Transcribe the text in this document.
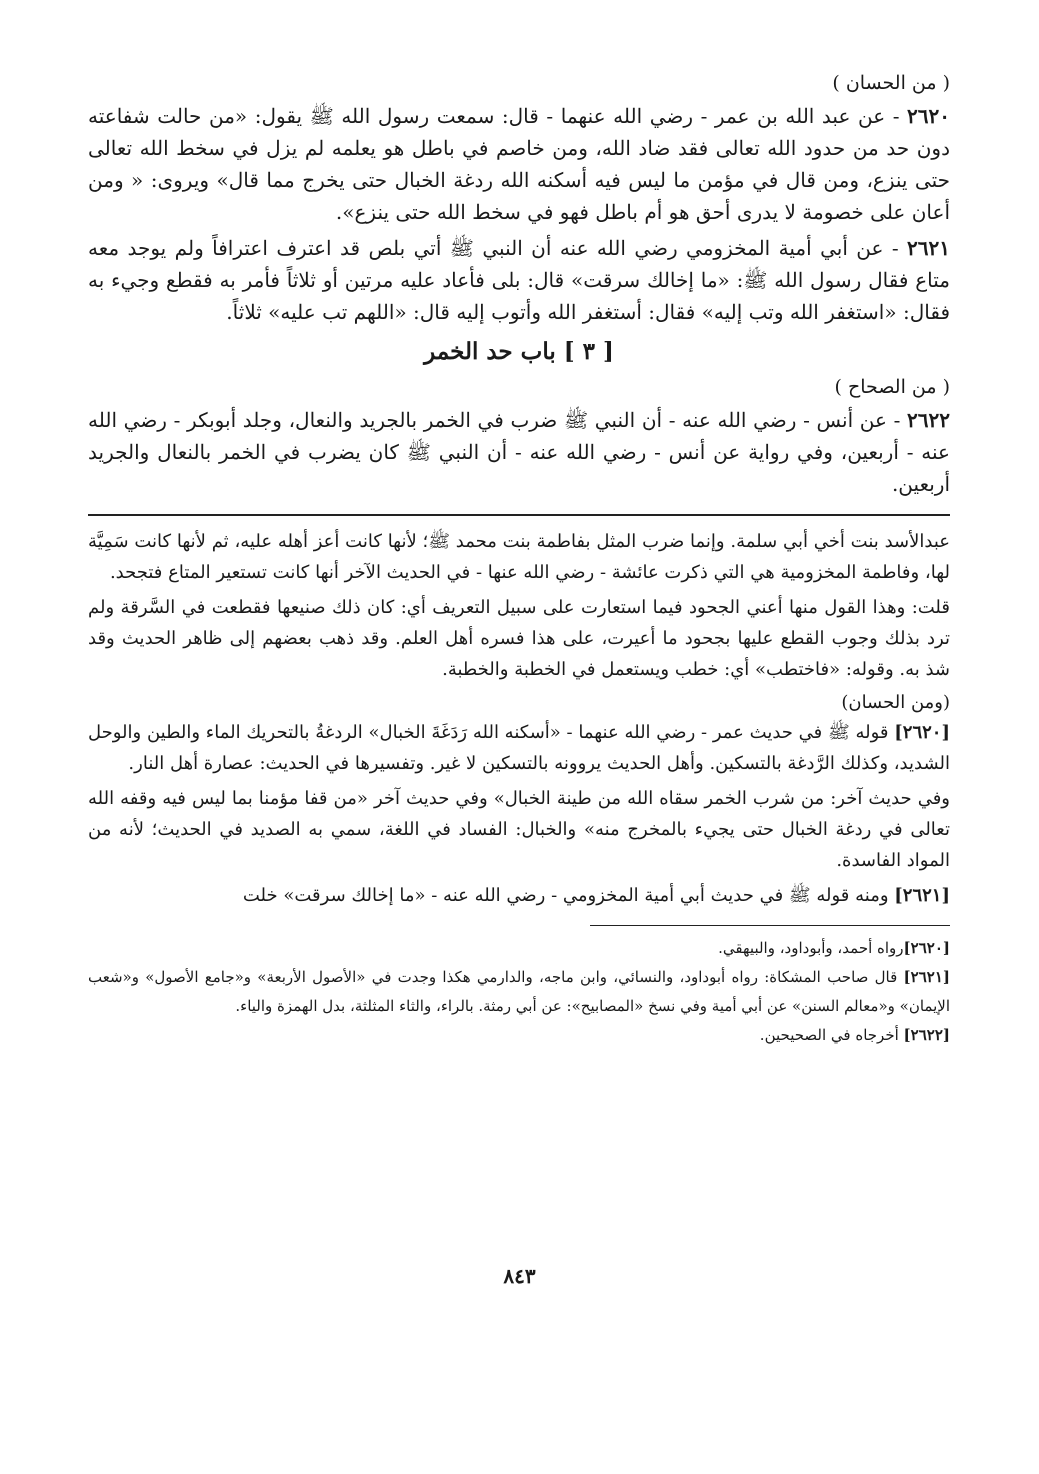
( من الحسان )

٢٦٢٠ - عن عبد الله بن عمر - رضي الله عنهما - قال: سمعت رسول الله ﷺ يقول: «من حالت شفاعته دون حد من حدود الله تعالى فقد ضاد الله، ومن خاصم في باطل هو يعلمه لم يزل في سخط الله تعالى حتى ينزع، ومن قال في مؤمن ما ليس فيه أسكنه الله ردغة الخبال حتى يخرج مما قال» ويروى: « ومن أعان على خصومة لا يدرى أحق هو أم باطل فهو في سخط الله حتى ينزع».

٢٦٢١ - عن أبي أمية المخزومي رضي الله عنه أن النبي ﷺ أتي بلص قد اعترف اعترافاً ولم يوجد معه متاع فقال رسول الله ﷺ: «ما إخالك سرقت» قال: بلى فأعاد عليه مرتين أو ثلاثاً فأمر به فقطع وجيء به فقال: «استغفر الله وتب إليه» فقال: أستغفر الله وأتوب إليه قال: «اللهم تب عليه» ثلاثاً.

[ ٣ ] باب حد الخمر
( من الصحاح )

٢٦٢٢ - عن أنس - رضي الله عنه - أن النبي ﷺ ضرب في الخمر بالجريد والنعال، وجلد أبوبكر - رضي الله عنه - أربعين، وفي رواية عن أنس - رضي الله عنه - أن النبي ﷺ كان يضرب في الخمر بالنعال والجريد أربعين.

عبدالأسد بنت أخي أبي سلمة. وإنما ضرب المثل بفاطمة بنت محمد ﷺ؛ لأنها كانت أعز أهله عليه، ثم لأنها كانت سَمِيَّة لها، وفاطمة المخزومية هي التي ذكرت عائشة - رضي الله عنها - في الحديث الآخر أنها كانت تستعير المتاع فتجحد.

قلت: وهذا القول منها أعني الجحود فيما استعارت على سبيل التعريف أي: كان ذلك صنيعها فقطعت في السَّرقة ولم ترد بذلك وجوب القطع عليها بجحود ما أعيرت، على هذا فسره أهل العلم. وقد ذهب بعضهم إلى ظاهر الحديث وقد شذ به. وقوله: «فاختطب» أي: خطب ويستعمل في الخطبة والخطبة.

(ومن الحسان)

[٢٦٢٠] قوله ﷺ في حديث عمر - رضي الله عنهما - «أسكنه الله رَدَغَةَ الخبال» الردغةُ بالتحريك الماء والطين والوحل الشديد، وكذلك الرَّدغة بالتسكين. وأهل الحديث يروونه بالتسكين لا غير. وتفسيرها في الحديث: عصارة أهل النار.

وفي حديث آخر: من شرب الخمر سقاه الله من طينة الخبال» وفي حديث آخر «من قفا مؤمنا بما ليس فيه وقفه الله تعالى في ردغة الخبال حتى يجيء بالمخرج منه» والخبال: الفساد في اللغة، سمي به الصديد في الحديث؛ لأنه من المواد الفاسدة.

[٢٦٢١] ومنه قوله ﷺ في حديث أبي أمية المخزومي - رضي الله عنه - «ما إخالك سرقت» خلت

[٢٦٢٠]رواه أحمد، وأبوداود، والبيهقي.

[٢٦٢١] قال صاحب المشكاة: رواه أبوداود، والنسائي، وابن ماجه، والدارمي هكذا وجدت في «الأصول الأربعة» و«جامع الأصول» و«شعب الإيمان» و«معالم السنن» عن أبي أمية وفي نسخ «المصابيح»: عن أبي رمثة. بالراء، والثاء المثلثة، بدل الهمزة والياء.

[٢٦٢٢] أخرجاه في الصحيحين.

٨٤٣
